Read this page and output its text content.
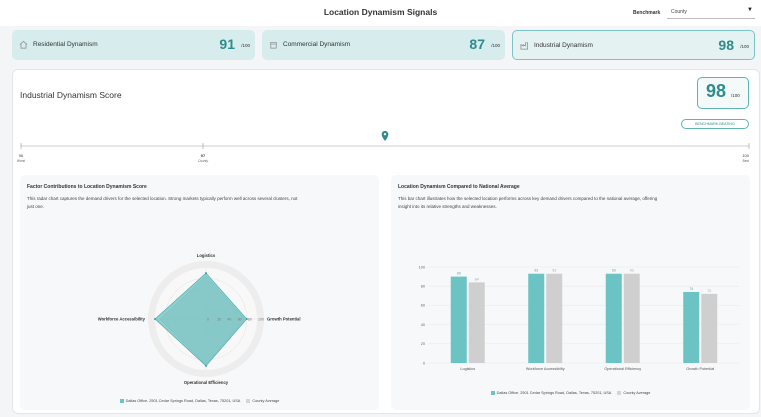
Location Dynamism Signals	Benchmark County	▼
Residential Dynamism	91 /100	Commercial Dynamism	87 /100	Industrial Dynamism	98 /100
Industrial Dynamism Score	98 /100
BENCHMARK-BEATING
96
Worst
100
Best
97
County
Factor Contributions to Location Dynamism Score
This radar chart captures the demand drivers for the selected location. Strong markets typically perform well across several clusters, not
just one.
0 20 40 60 80 100
Logistics
Growth Potential
Operational Efficiency
Workforce Accessibility
Dallas Office, 2501 Cedar Springs Road, Dallas, Texas, 75201, USA	County Average
Location Dynamism Compared to National Average
This bar chart illustrates how the selected location performs across key demand drivers compared to the national average, offering
insight into its relative strengths and weaknesses.
0
20
40
60
80
100
90
84
Logistics
93	93
Workforce Accessibility
93	93
Operational Efficiency
74	72
Growth Potential
Dallas Office, 2501 Cedar Springs Road, Dallas, Texas, 75201, USA	County Average
